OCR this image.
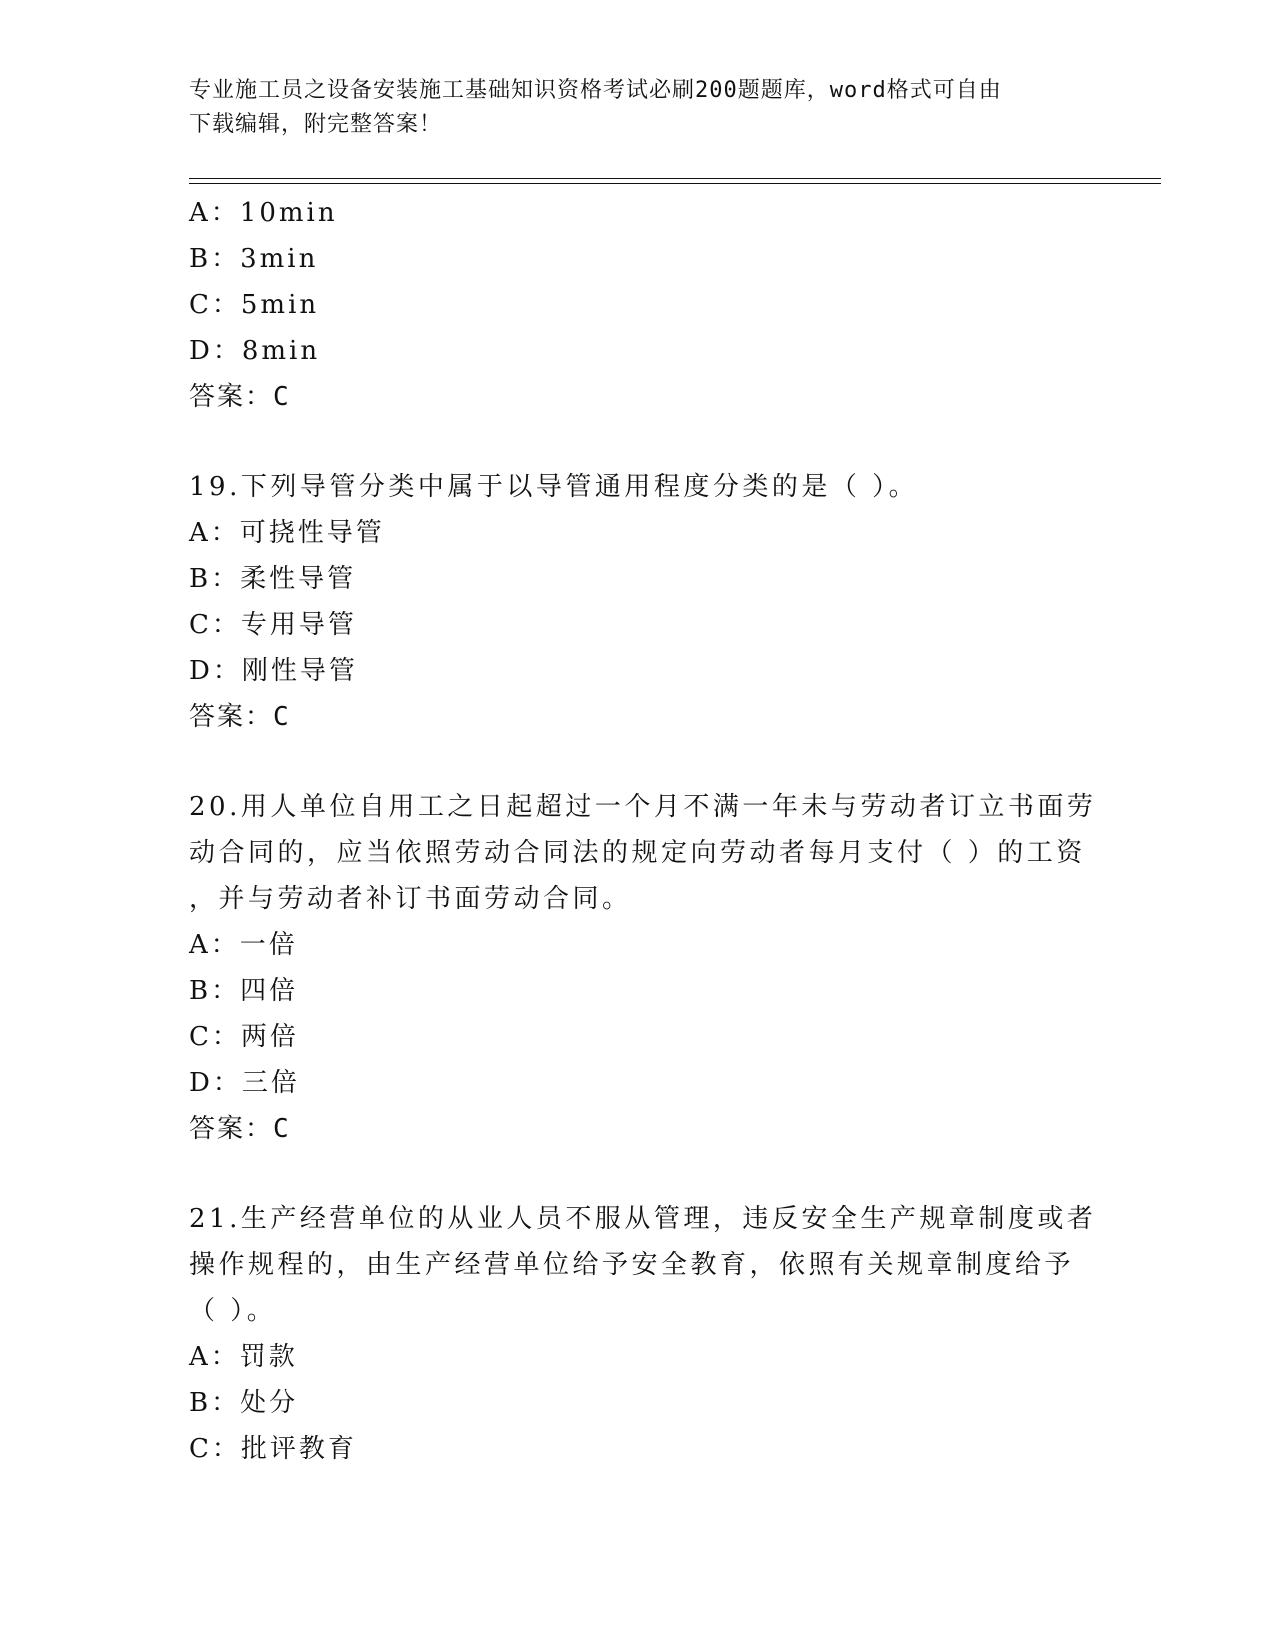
专业施工员之设备安装施工基础知识资格考试必刷200题题库，word格式可自由
下载编辑，附完整答案！
A：10min
B：3min
C：5min
D：8min
答案：C
19.下列导管分类中属于以导管通用程度分类的是（ ）。
A：可挠性导管
B：柔性导管
C：专用导管
D：刚性导管
答案：C
20.用人单位自用工之日起超过一个月不满一年未与劳动者订立书面劳
动合同的，应当依照劳动合同法的规定向劳动者每月支付（ ）的工资
，并与劳动者补订书面劳动合同。
A：一倍
B：四倍
C：两倍
D：三倍
答案：C
21.生产经营单位的从业人员不服从管理，违反安全生产规章制度或者
操作规程的，由生产经营单位给予安全教育，依照有关规章制度给予
（ ）。
A：罚款
B：处分
C：批评教育
